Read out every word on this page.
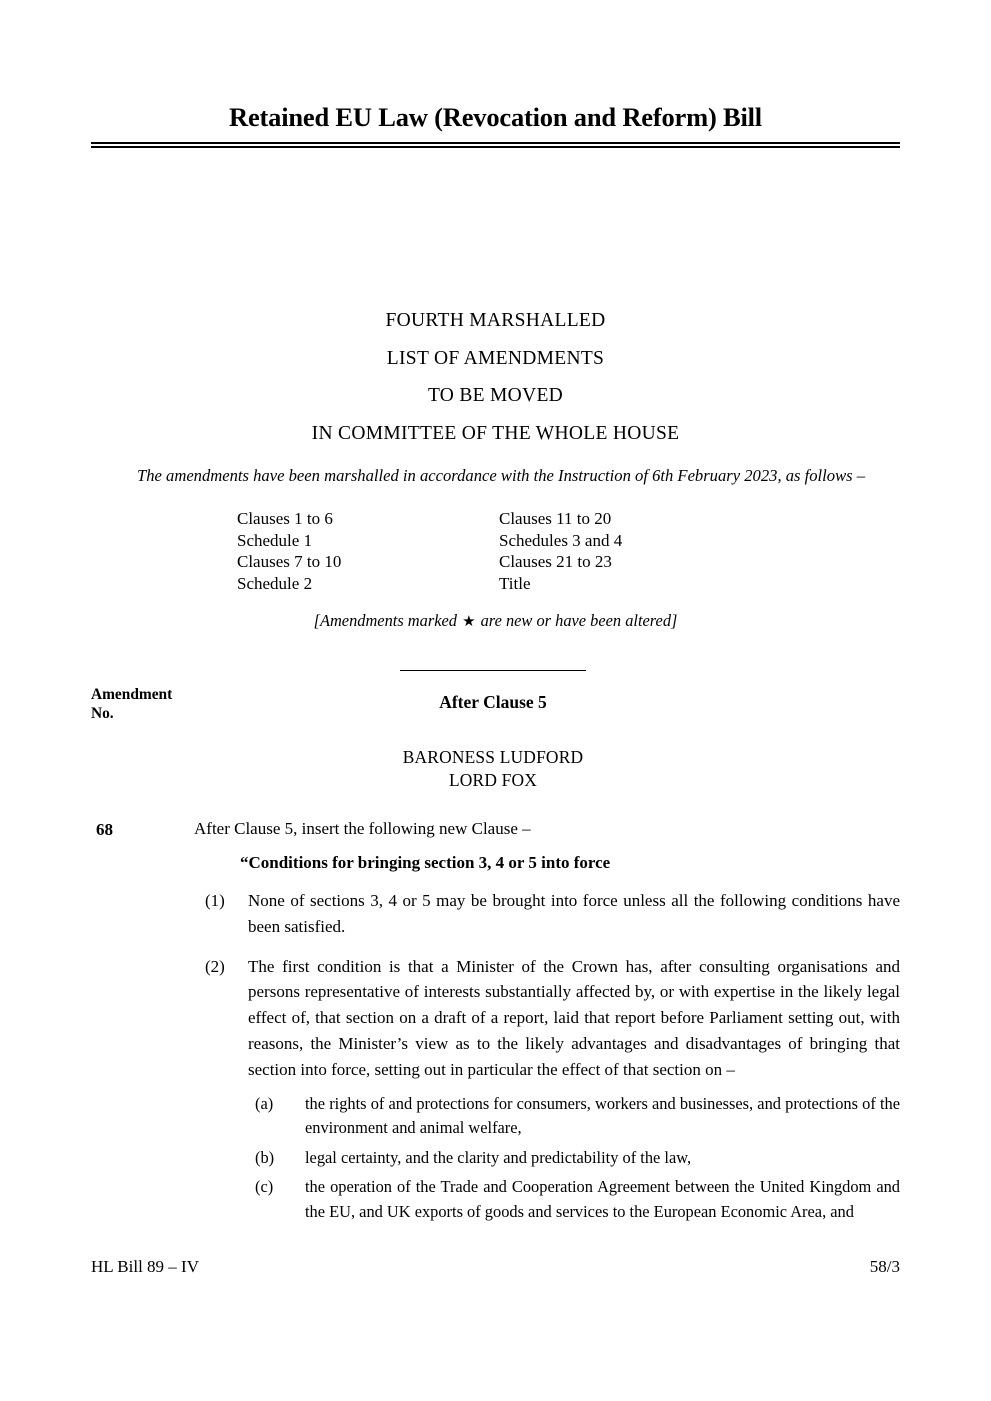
Retained EU Law (Revocation and Reform) Bill
FOURTH MARSHALLED
LIST OF AMENDMENTS
TO BE MOVED
IN COMMITTEE OF THE WHOLE HOUSE
The amendments have been marshalled in accordance with the Instruction of 6th February 2023, as follows –
Clauses 1 to 6	Clauses 11 to 20
Schedule 1	Schedules 3 and 4
Clauses 7 to 10	Clauses 21 to 23
Schedule 2	Title
[Amendments marked ★ are new or have been altered]
Amendment
No.
After Clause 5
BARONESS LUDFORD
LORD FOX
68	After Clause 5, insert the following new Clause –
“Conditions for bringing section 3, 4 or 5 into force
(1) None of sections 3, 4 or 5 may be brought into force unless all the following conditions have been satisfied.
(2) The first condition is that a Minister of the Crown has, after consulting organisations and persons representative of interests substantially affected by, or with expertise in the likely legal effect of, that section on a draft of a report, laid that report before Parliament setting out, with reasons, the Minister’s view as to the likely advantages and disadvantages of bringing that section into force, setting out in particular the effect of that section on –
(a) the rights of and protections for consumers, workers and businesses, and protections of the environment and animal welfare,
(b) legal certainty, and the clarity and predictability of the law,
(c) the operation of the Trade and Cooperation Agreement between the United Kingdom and the EU, and UK exports of goods and services to the European Economic Area, and
HL Bill 89 – IV	58/3
